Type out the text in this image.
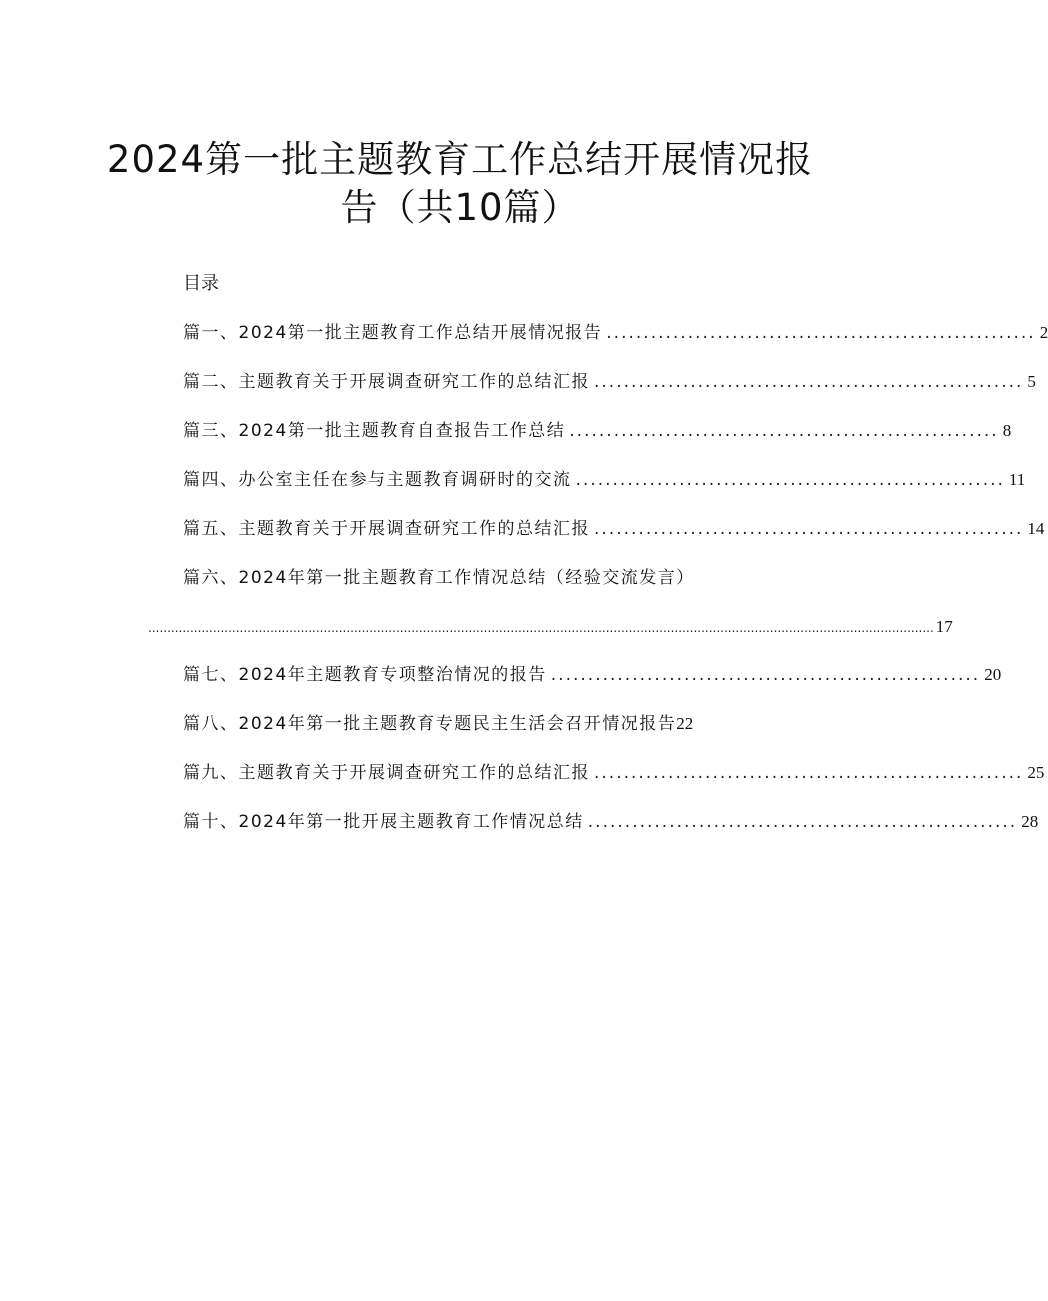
2024第一批主题教育工作总结开展情况报
告（共10篇）
目录
篇一、2024第一批主题教育工作总结开展情况报告 .......................................................... 2
篇二、主题教育关于开展调查研究工作的总结汇报 .......................................................... 5
篇三、2024第一批主题教育自查报告工作总结 .......................................................... 8
篇四、办公室主任在参与主题教育调研时的交流 .......................................................... 11
篇五、主题教育关于开展调查研究工作的总结汇报 .......................................................... 14
篇六、2024年第一批主题教育工作情况总结（经验交流发言）
.............................................................................................................................................................................................................. 17
篇七、2024年主题教育专项整治情况的报告 .......................................................... 20
篇八、2024年第一批主题教育专题民主生活会召开情况报告 22
篇九、主题教育关于开展调查研究工作的总结汇报 .......................................................... 25
篇十、2024年第一批开展主题教育工作情况总结 .......................................................... 28
